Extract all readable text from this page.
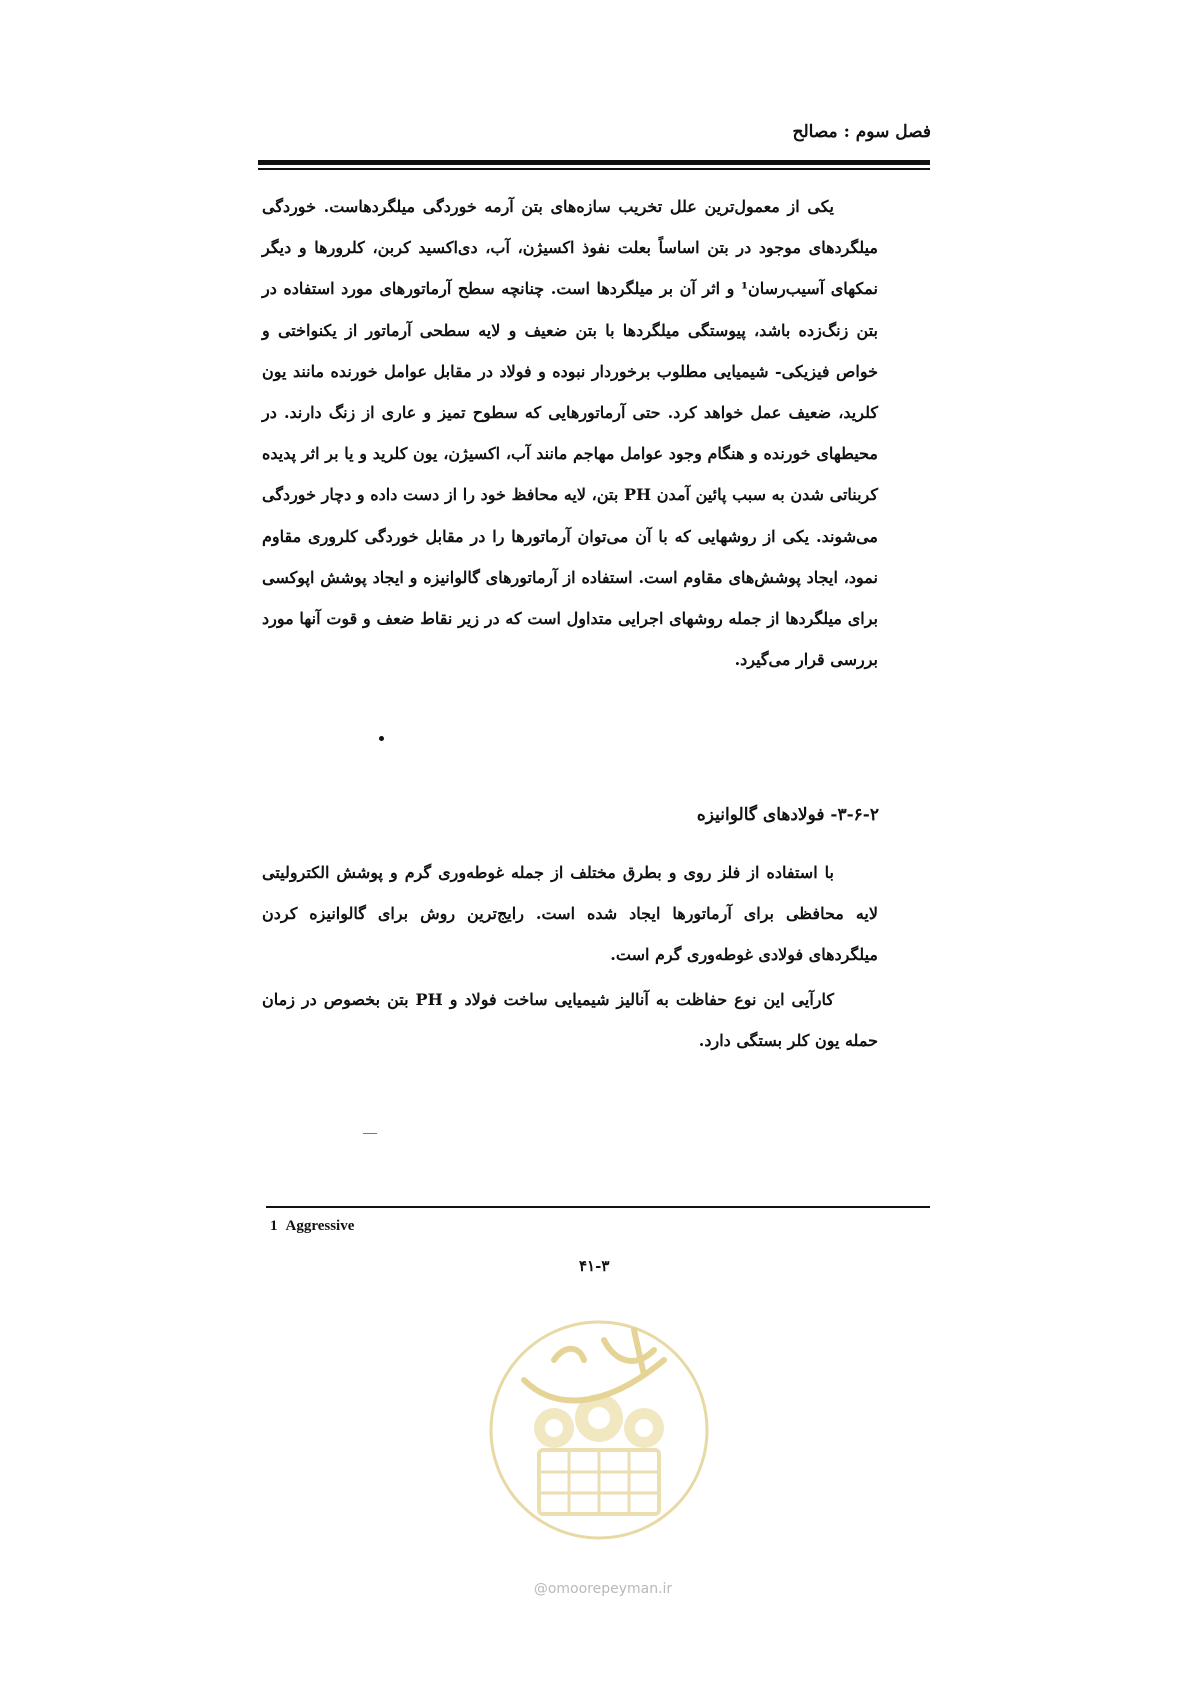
فصل سوم : مصالح

یکی از معمول‌ترین علل تخریب سازه‌های بتن آرمه خوردگی میلگردهاست. خوردگی میلگردهای موجود در بتن اساساً بعلت نفوذ اکسیژن، آب، دی‌اکسید کربن، کلرورها و دیگر نمکهای آسیب‌رسان¹ و اثر آن بر میلگردها است. چنانچه سطح آرماتورهای مورد استفاده در بتن زنگ‌زده باشد، پیوستگی میلگردها با بتن ضعیف و لایه سطحی آرماتور از یکنواختی و خواص فیزیکی- شیمیایی مطلوب برخوردار نبوده و فولاد در مقابل عوامل خورنده مانند یون کلرید، ضعیف عمل خواهد کرد. حتی آرماتورهایی که سطوح تمیز و عاری از زنگ دارند. در محیطهای خورنده و هنگام وجود عوامل مهاجم مانند آب، اکسیژن، یون کلرید و یا بر اثر پدیده کربناتی شدن به سبب پائین آمدن PH بتن، لایه محافظ خود را از دست داده و دچار خوردگی می‌شوند. یکی از روشهایی که با آن می‌توان آرماتورها را در مقابل خوردگی کلروری مقاوم نمود، ایجاد پوشش‌های مقاوم است. استفاده از آرماتورهای گالوانیزه و ایجاد پوشش اپوکسی برای میلگردها از جمله روشهای اجرایی متداول است که در زیر نقاط ضعف و قوت آنها مورد بررسی قرار می‌گیرد.

۳-۶-۲- فولادهای گالوانیزه

با استفاده از فلز روی و بطرق مختلف از جمله غوطه‌وری گرم و پوشش الکترولیتی لایه محافظی برای آرماتورها ایجاد شده است. رایج‌ترین روش برای گالوانیزه کردن میلگردهای فولادی غوطه‌وری گرم است.

کارآیی این نوع حفاظت به آنالیز شیمیایی ساخت فولاد و PH بتن بخصوص در زمان حمله یون کلر بستگی دارد.

1 Aggressive
۴۱-۳
@omoorepeyman.ir
